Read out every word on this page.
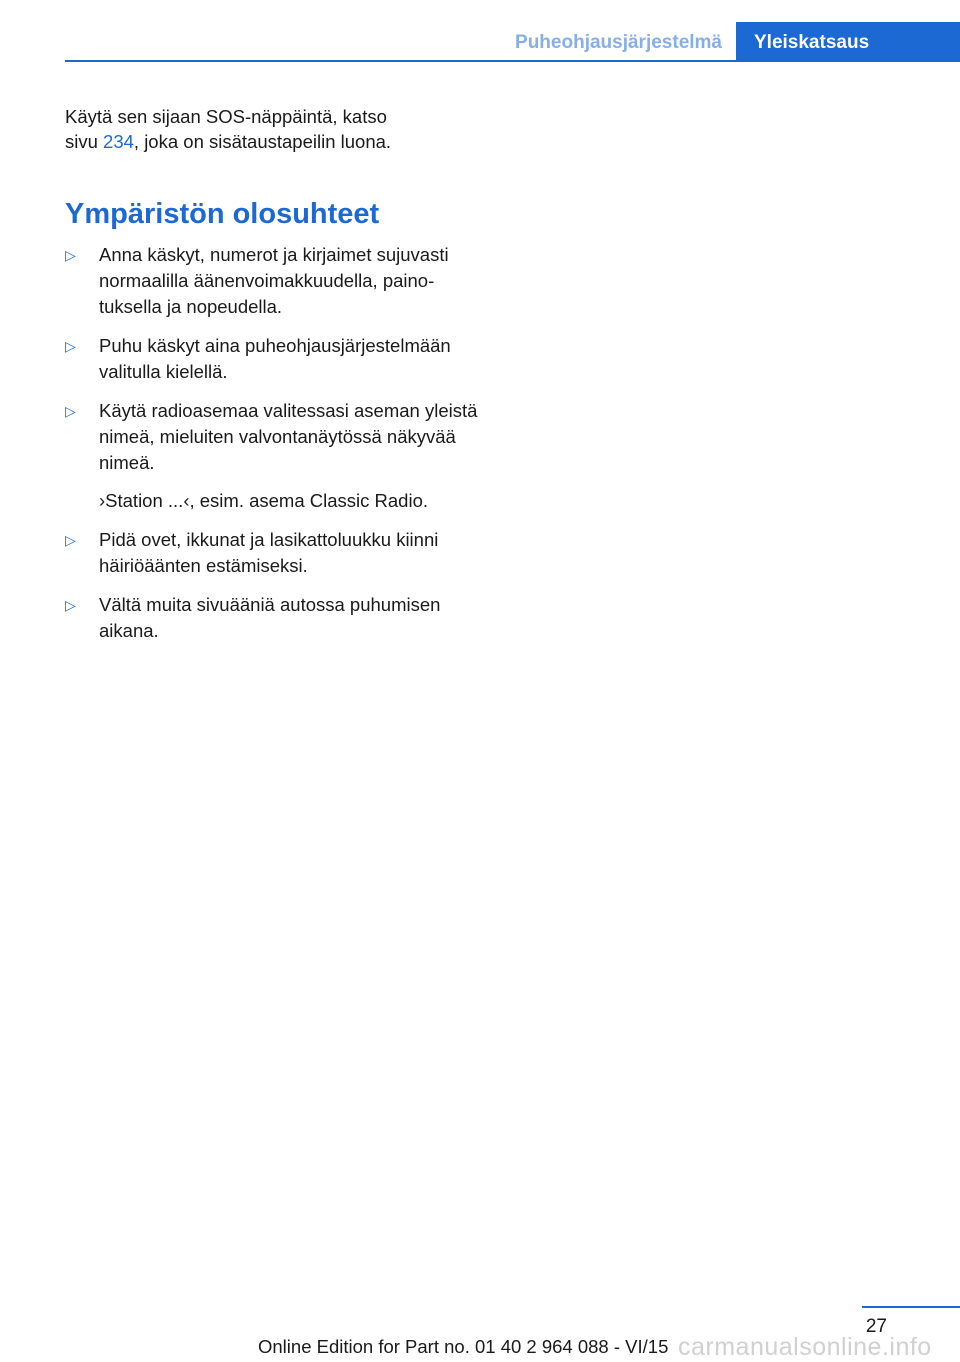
Puheohjausjärjestelmä	Yleiskatsaus

Käytä sen sijaan SOS-näppäintä, katso
sivu 234, joka on sisätaustapeilin luona.

Ympäristön olosuhteet
▷ Anna käskyt, numerot ja kirjaimet sujuvasti normaalilla äänenvoimakkuudella, paino-tuksella ja nopeudella.
▷ Puhu käskyt aina puheohjausjärjestelmään valitulla kielellä.
▷ Käytä radioasemaa valitessasi aseman yleistä nimeä, mieluiten valvontanäytössä näkyvää nimeä.
›Station ...‹, esim. asema Classic Radio.
▷ Pidä ovet, ikkunat ja lasikattoluukku kiinni häiriöäänten estämiseksi.
▷ Vältä muita sivuääniä autossa puhumisen aikana.
27
Online Edition for Part no. 01 40 2 964 088 - VI/15 carmanualsonline.info
